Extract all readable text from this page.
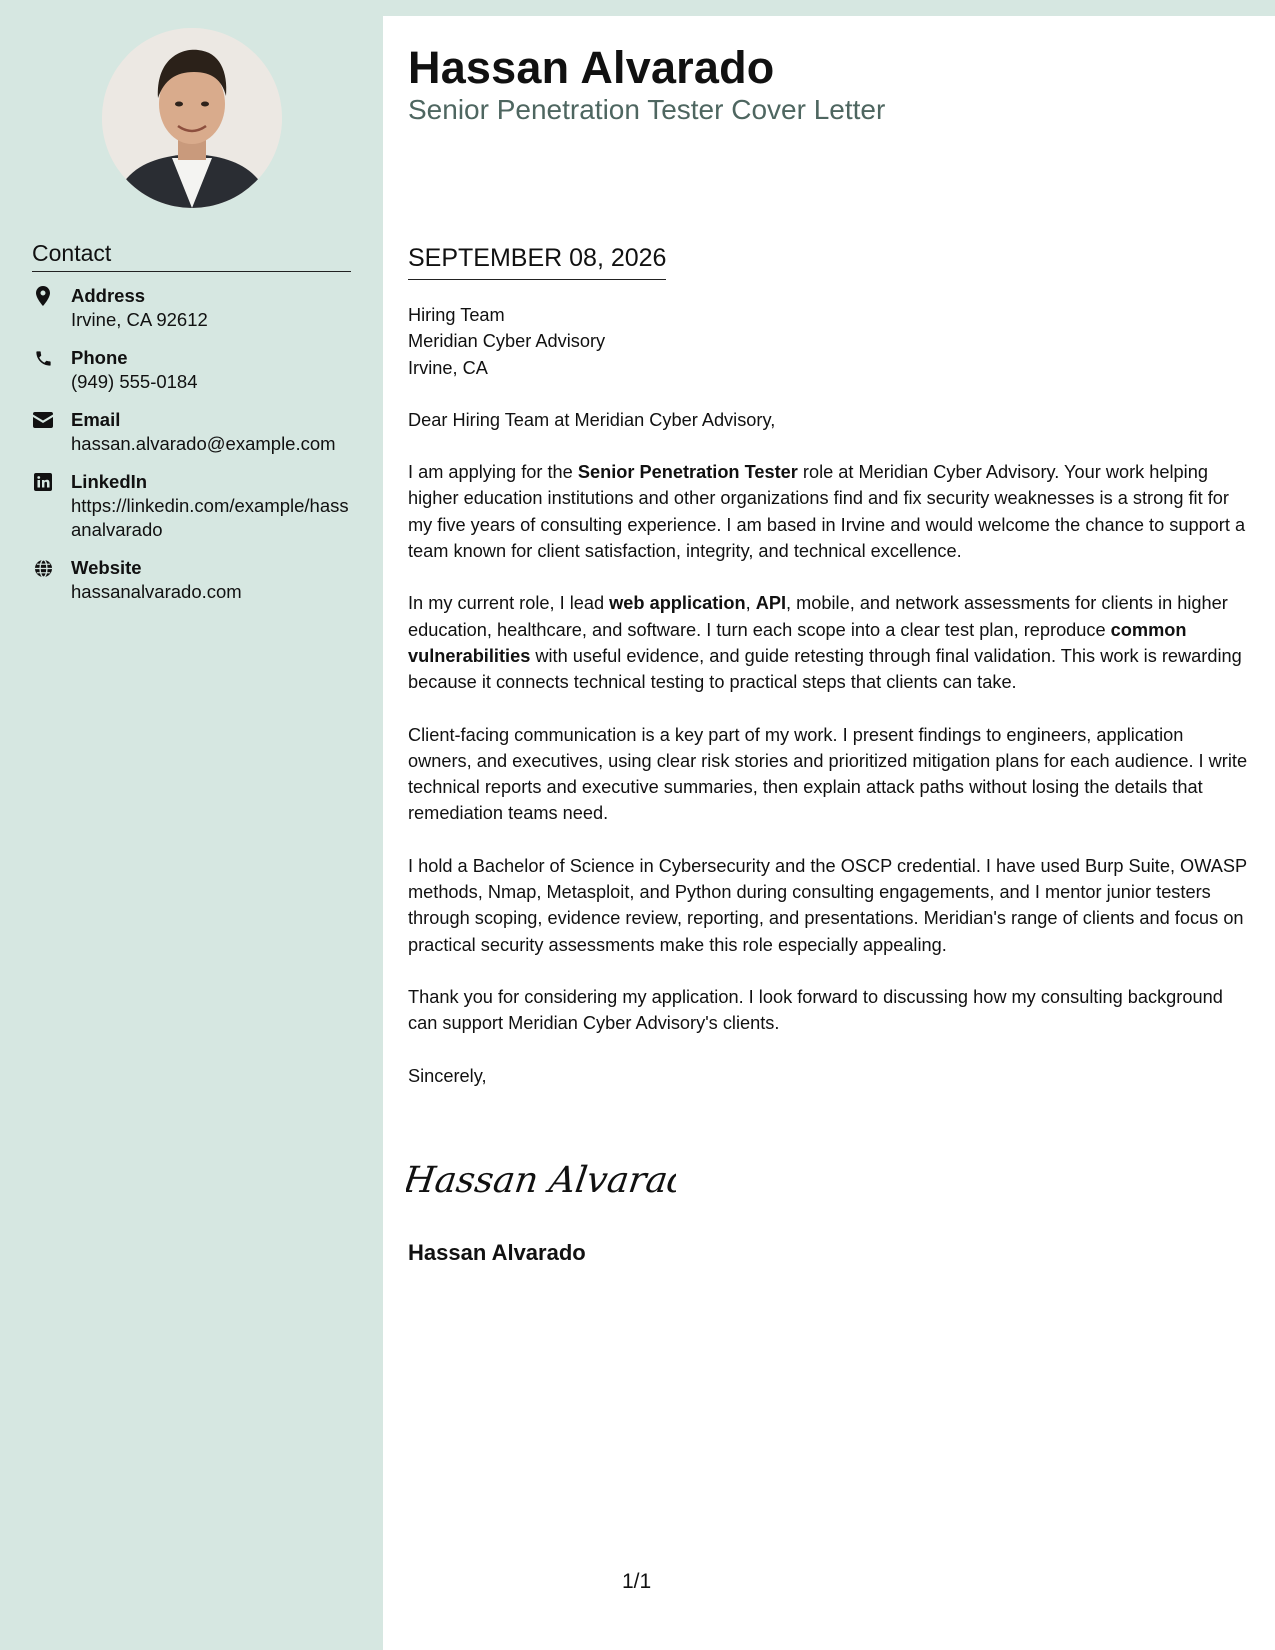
Contact
Address
Irvine, CA 92612
Phone
(949) 555-0184
Email
hassan.alvarado@example.com
LinkedIn
https://linkedin.com/example/hassanalvarado
Website
hassanalvarado.com
Hassan Alvarado
Senior Penetration Tester Cover Letter
SEPTEMBER 08, 2026

Hiring Team

Meridian Cyber Advisory

Irvine, CA

Dear Hiring Team at Meridian Cyber Advisory,

I am applying for the Senior Penetration Tester role at Meridian Cyber Advisory. Your work helping higher education institutions and other organizations find and fix security weaknesses is a strong fit for my five years of consulting experience. I am based in Irvine and would welcome the chance to support a team known for client satisfaction, integrity, and technical excellence.

In my current role, I lead web application, API, mobile, and network assessments for clients in higher education, healthcare, and software. I turn each scope into a clear test plan, reproduce common vulnerabilities with useful evidence, and guide retesting through final validation. This work is rewarding because it connects technical testing to practical steps that clients can take.

Client-facing communication is a key part of my work. I present findings to engineers, application owners, and executives, using clear risk stories and prioritized mitigation plans for each audience. I write technical reports and executive summaries, then explain attack paths without losing the details that remediation teams need.

I hold a Bachelor of Science in Cybersecurity and the OSCP credential. I have used Burp Suite, OWASP methods, Nmap, Metasploit, and Python during consulting engagements, and I mentor junior testers through scoping, evidence review, reporting, and presentations. Meridian's range of clients and focus on practical security assessments make this role especially appealing.

Thank you for considering my application. I look forward to discussing how my consulting background can support Meridian Cyber Advisory's clients.

Sincerely,

Hassan Alvarad
Hassan Alvarado
1/1
